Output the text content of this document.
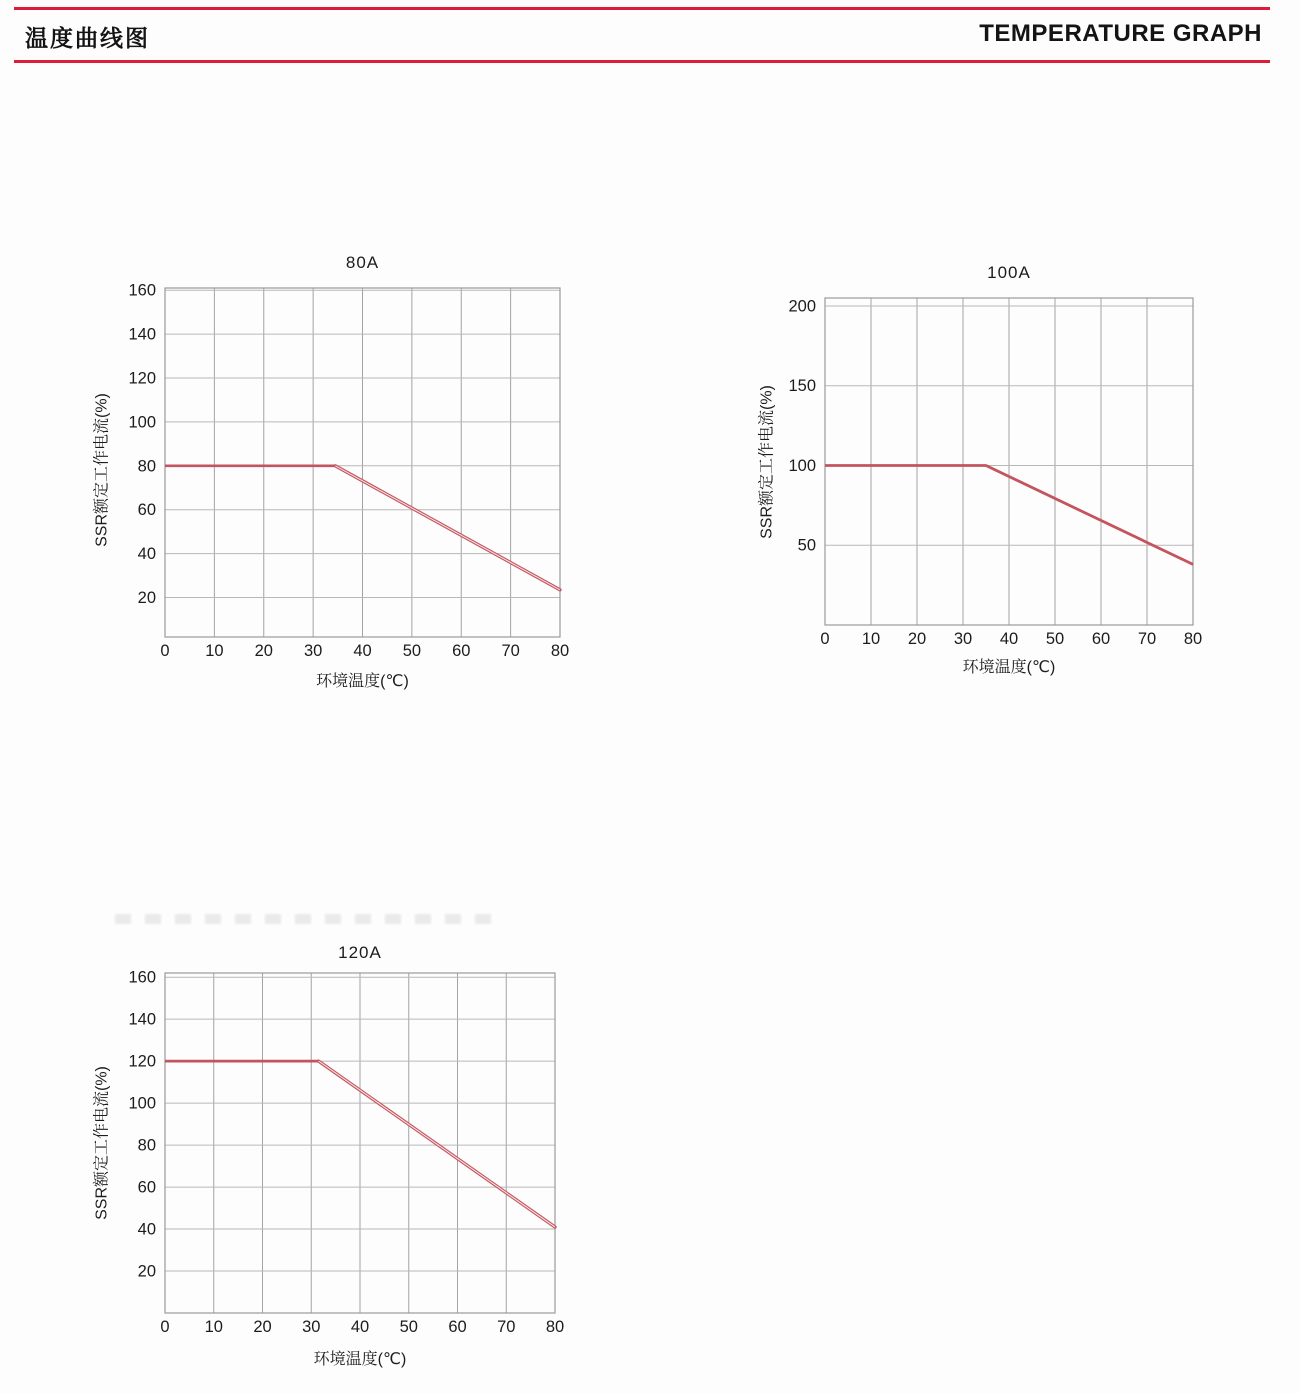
温度曲线图	TEMPERATURE GRAPH
80A
SSR额定工作电流(%)
0 10 20 30 40 50 60 70 80
20
40
60
80
100
120
140
160
环境温度(℃)
100A
SSR额定工作电流(%)
0 10 20 30 40 50 60 70 80
50
100
150
200
环境温度(℃)
120A
SSR额定工作电流(%)
0 10 20 30 40 50 60 70 80
20
40
60
80
100
120
140
160
环境温度(℃)
